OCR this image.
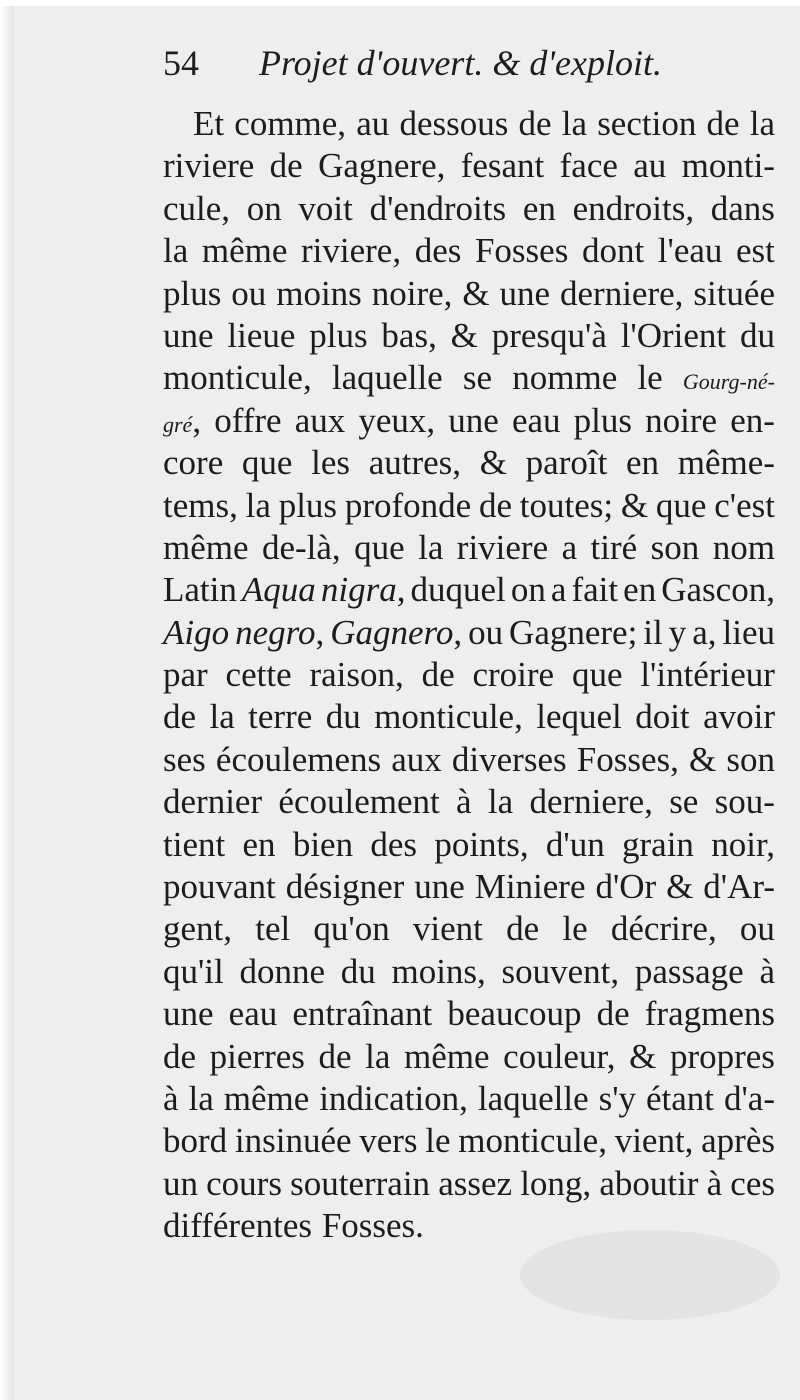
54 Projet d'ouvert. & d'exploit.
Et comme, au dessous de la section de la
riviere de Gagnere, fesant face au monti-
cule, on voit d'endroits en endroits, dans
la même riviere, des Fosses dont l'eau est
plus ou moins noire, & une derniere, située
une lieue plus bas, & presqu'à l'Orient du
monticule, laquelle se nomme le Gourg-né-
gré, offre aux yeux, une eau plus noire en-
core que les autres, & paroît en même-
tems, la plus profonde de toutes; & que c'est
même de-là, que la riviere a tiré son nom
Latin Aqua nigra, duquel on a fait en Gascon,
Aigo negro, Gagnero, ou Gagnere; il y a, lieu
par cette raison, de croire que l'intérieur
de la terre du monticule, lequel doit avoir
ses écoulemens aux diverses Fosses, & son
dernier écoulement à la derniere, se sou-
tient en bien des points, d'un grain noir,
pouvant désigner une Miniere d'Or & d'Ar-
gent, tel qu'on vient de le décrire, ou
qu'il donne du moins, souvent, passage à
une eau entraînant beaucoup de fragmens
de pierres de la même couleur, & propres
à la même indication, laquelle s'y étant d'a-
bord insinuée vers le monticule, vient, après
un cours souterrain assez long, aboutir à ces
différentes Fosses.
